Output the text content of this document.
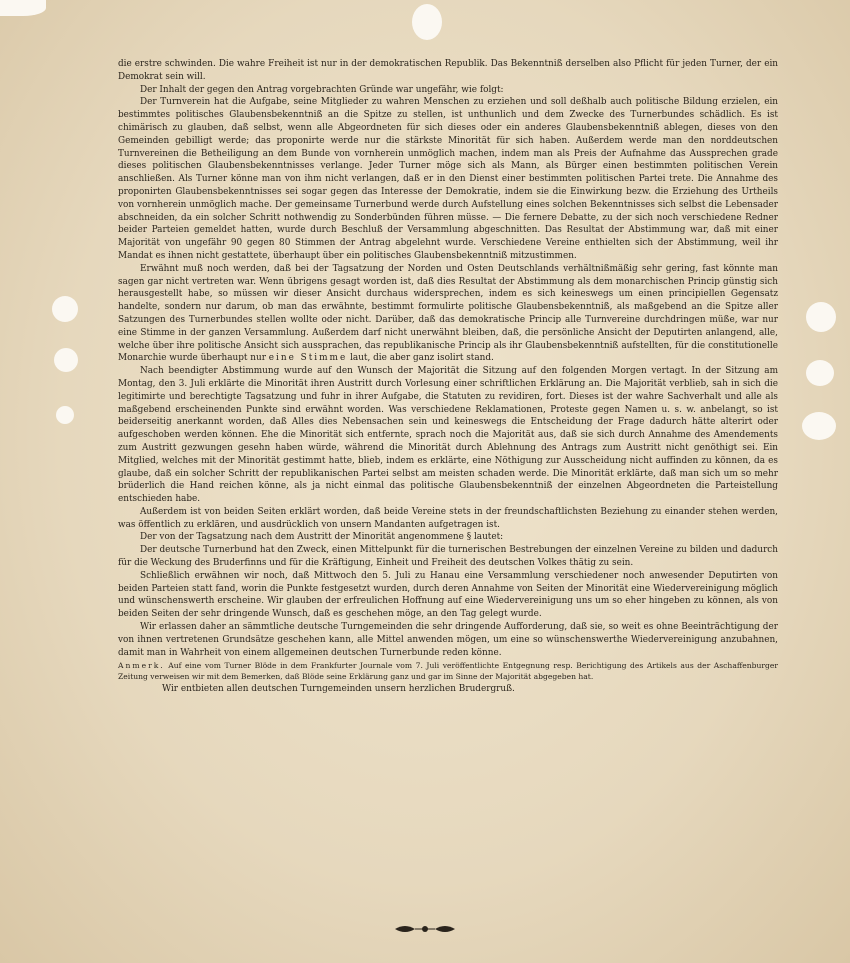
die erstre schwinden. Die wahre Freiheit ist nur in der demokratischen Republik. Das Bekenntniß derselben also Pflicht für jeden Turner, der ein Demokrat sein will.

Der Inhalt der gegen den Antrag vorgebrachten Gründe war ungefähr, wie folgt:

Der Turnverein hat die Aufgabe, seine Mitglieder zu wahren Menschen zu erziehen und soll deßhalb auch politische Bildung erzielen, ein bestimmtes politisches Glaubensbekenntniß an die Spitze zu stellen, ist unthunlich und dem Zwecke des Turnerbundes schädlich. Es ist chimärisch zu glauben, daß selbst, wenn alle Abgeordneten für sich dieses oder ein anderes Glaubensbekenntniß ablegen, dieses von den Gemeinden gebilligt werde; das proponirte werde nur die stärkste Minorität für sich haben. Außerdem werde man den norddeutschen Turnvereinen die Betheiligung an dem Bunde von vornherein unmöglich machen, indem man als Preis der Aufnahme das Aussprechen grade dieses politischen Glaubensbekenntnisses verlange. Jeder Turner möge sich als Mann, als Bürger einen bestimmten politischen Verein anschließen. Als Turner könne man von ihm nicht verlangen, daß er in den Dienst einer bestimmten politischen Partei trete. Die Annahme des proponirten Glaubensbekenntnisses sei sogar gegen das Interesse der Demokratie, indem sie die Einwirkung bezw. die Erziehung des Urtheils von vornherein unmöglich mache. Der gemeinsame Turnerbund werde durch Aufstellung eines solchen Bekenntnisses sich selbst die Lebensader abschneiden, da ein solcher Schritt nothwendig zu Sonderbünden führen müsse. — Die fernere Debatte, zu der sich noch verschiedene Redner beider Parteien gemeldet hatten, wurde durch Beschluß der Versammlung abgeschnitten. Das Resultat der Abstimmung war, daß mit einer Majorität von ungefähr 90 gegen 80 Stimmen der Antrag abgelehnt wurde. Verschiedene Vereine enthielten sich der Abstimmung, weil ihr Mandat es ihnen nicht gestattete, überhaupt über ein politisches Glaubensbekenntniß mitzustimmen.

Erwähnt muß noch werden, daß bei der Tagsatzung der Norden und Osten Deutschlands verhältnißmäßig sehr gering, fast könnte man sagen gar nicht vertreten war. Wenn übrigens gesagt worden ist, daß dies Resultat der Abstimmung als dem monarchischen Princip günstig sich herausgestellt habe, so müssen wir dieser Ansicht durchaus widersprechen, indem es sich keineswegs um einen principiellen Gegensatz handelte, sondern nur darum, ob man das erwähnte, bestimmt formulirte politische Glaubensbekenntniß, als maßgebend an die Spitze aller Satzungen des Turnerbundes stellen wollte oder nicht. Darüber, daß das demokratische Princip alle Turnvereine durchdringen müße, war nur eine Stimme in der ganzen Versammlung. Außerdem darf nicht unerwähnt bleiben, daß, die persönliche Ansicht der Deputirten anlangend, alle, welche über ihre politische Ansicht sich aussprachen, das republikanische Princip als ihr Glaubensbekenntniß aufstellten, für die constitutionelle Monarchie wurde überhaupt nur eine Stimme laut, die aber ganz isolirt stand.

Nach beendigter Abstimmung wurde auf den Wunsch der Majorität die Sitzung auf den folgenden Morgen vertagt. In der Sitzung am Montag, den 3. Juli erklärte die Minorität ihren Austritt durch Vorlesung einer schriftlichen Erklärung an. Die Majorität verblieb, sah in sich die legitimirte und berechtigte Tagsatzung und fuhr in ihrer Aufgabe, die Statuten zu revidiren, fort. Dieses ist der wahre Sachverhalt und alle als maßgebend erscheinenden Punkte sind erwähnt worden. Was verschiedene Reklamationen, Proteste gegen Namen u. s. w. anbelangt, so ist beiderseitig anerkannt worden, daß Alles dies Nebensachen sein und keineswegs die Entscheidung der Frage dadurch hätte alterirt oder aufgeschoben werden können. Ehe die Minorität sich entfernte, sprach noch die Majorität aus, daß sie sich durch Annahme des Amendements zum Austritt gezwungen gesehn haben würde, während die Minorität durch Ablehnung des Antrags zum Austritt nicht genöthigt sei. Ein Mitglied, welches mit der Minorität gestimmt hatte, blieb, indem es erklärte, eine Nöthigung zur Ausscheidung nicht auffinden zu können, da es glaube, daß ein solcher Schritt der republikanischen Partei selbst am meisten schaden werde. Die Minorität erklärte, daß man sich um so mehr brüderlich die Hand reichen könne, als ja nicht einmal das politische Glaubensbekenntniß der einzelnen Abgeordneten die Parteistellung entschieden habe.

Außerdem ist von beiden Seiten erklärt worden, daß beide Vereine stets in der freundschaftlichsten Beziehung zu einander stehen werden, was öffentlich zu erklären, und ausdrücklich von unsern Mandanten aufgetragen ist.

Der von der Tagsatzung nach dem Austritt der Minorität angenommene § lautet:

Der deutsche Turnerbund hat den Zweck, einen Mittelpunkt für die turnerischen Bestrebungen der einzelnen Vereine zu bilden und dadurch für die Weckung des Bruderfinns und für die Kräftigung, Einheit und Freiheit des deutschen Volkes thätig zu sein.

Schließlich erwähnen wir noch, daß Mittwoch den 5. Juli zu Hanau eine Versammlung verschiedener noch anwesender Deputirten von beiden Parteien statt fand, worin die Punkte festgesetzt wurden, durch deren Annahme von Seiten der Minorität eine Wiedervereinigung möglich und wünschenswerth erscheine. Wir glauben der erfreulichen Hoffnung auf eine Wiedervereinigung uns um so eher hingeben zu können, als von beiden Seiten der sehr dringende Wunsch, daß es geschehen möge, an den Tag gelegt wurde.

Wir erlassen daher an sämmtliche deutsche Turngemeinden die sehr dringende Aufforderung, daß sie, so weit es ohne Beeinträchtigung der von ihnen vertretenen Grundsätze geschehen kann, alle Mittel anwenden mögen, um eine so wünschenswerthe Wiedervereinigung anzubahnen, damit man in Wahrheit von einem allgemeinen deutschen Turnerbunde reden könne.

Anmerk. Auf eine vom Turner Blöde in dem Frankfurter Journale vom 7. Juli veröffentlichte Entgegnung resp. Berichtigung des Artikels aus der Aschaffenburger Zeitung verweisen wir mit dem Bemerken, daß Blöde seine Erklärung ganz und gar im Sinne der Majorität abgegeben hat.

Wir entbieten allen deutschen Turngemeinden unsern herzlichen Brudergruß.
